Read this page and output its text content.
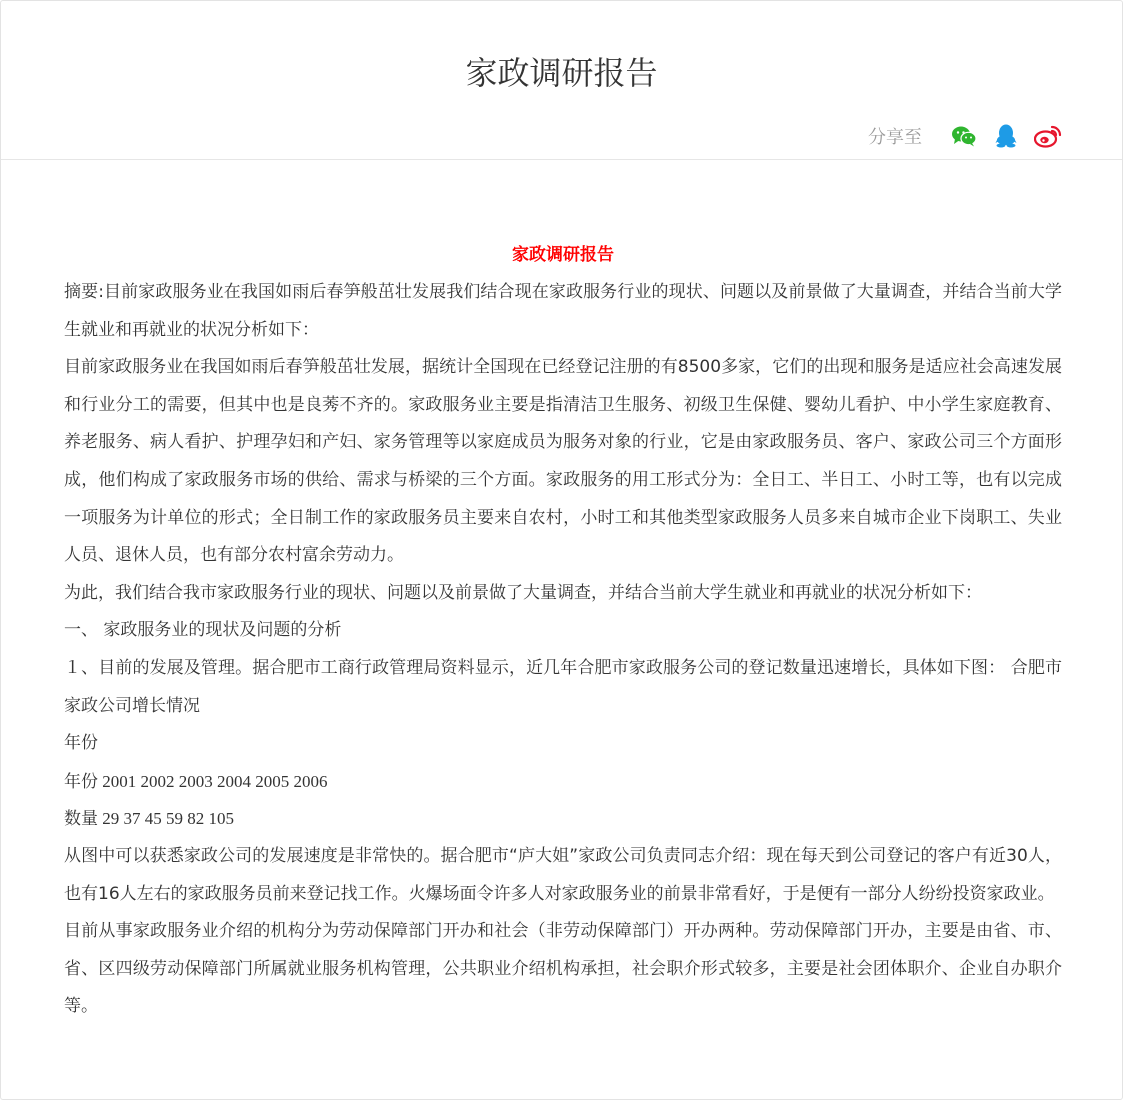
家政调研报告
分享至

家政调研报告

摘要:目前家政服务业在我国如雨后春笋般茁壮发展我们结合现在家政服务行业的现状、问题以及前景做了大量调查，并结合当前大学生就业和再就业的状况分析如下：

目前家政服务业在我国如雨后春笋般茁壮发展，据统计全国现在已经登记注册的有8500多家，它们的出现和服务是适应社会高速发展和行业分工的需要，但其中也是良莠不齐的。家政服务业主要是指清洁卫生服务、初级卫生保健、婴幼儿看护、中小学生家庭教育、养老服务、病人看护、护理孕妇和产妇、家务管理等以家庭成员为服务对象的行业，它是由家政服务员、客户、家政公司三个方面形成，他们构成了家政服务市场的供给、需求与桥梁的三个方面。家政服务的用工形式分为：全日工、半日工、小时工等，也有以完成一项服务为计单位的形式；全日制工作的家政服务员主要来自农村，小时工和其他类型家政服务人员多来自城市企业下岗职工、失业人员、退休人员，也有部分农村富余劳动力。

为此，我们结合我市家政服务行业的现状、问题以及前景做了大量调查，并结合当前大学生就业和再就业的状况分析如下：

一、 家政服务业的现状及问题的分析

１、目前的发展及管理。据合肥市工商行政管理局资料显示，近几年合肥市家政服务公司的登记数量迅速增长，具体如下图： 合肥市家政公司增长情况

年份

年份 2001 2002 2003 2004 2005 2006

数量 29 37 45 59 82 105

从图中可以获悉家政公司的发展速度是非常快的。据合肥市“庐大姐”家政公司负责同志介绍：现在每天到公司登记的客户有近30人，也有16人左右的家政服务员前来登记找工作。火爆场面令许多人对家政服务业的前景非常看好，于是便有一部分人纷纷投资家政业。

目前从事家政服务业介绍的机构分为劳动保障部门开办和社会（非劳动保障部门）开办两种。劳动保障部门开办，主要是由省、市、省、区四级劳动保障部门所属就业服务机构管理，公共职业介绍机构承担，社会职介形式较多，主要是社会团体职介、企业自办职介等。
